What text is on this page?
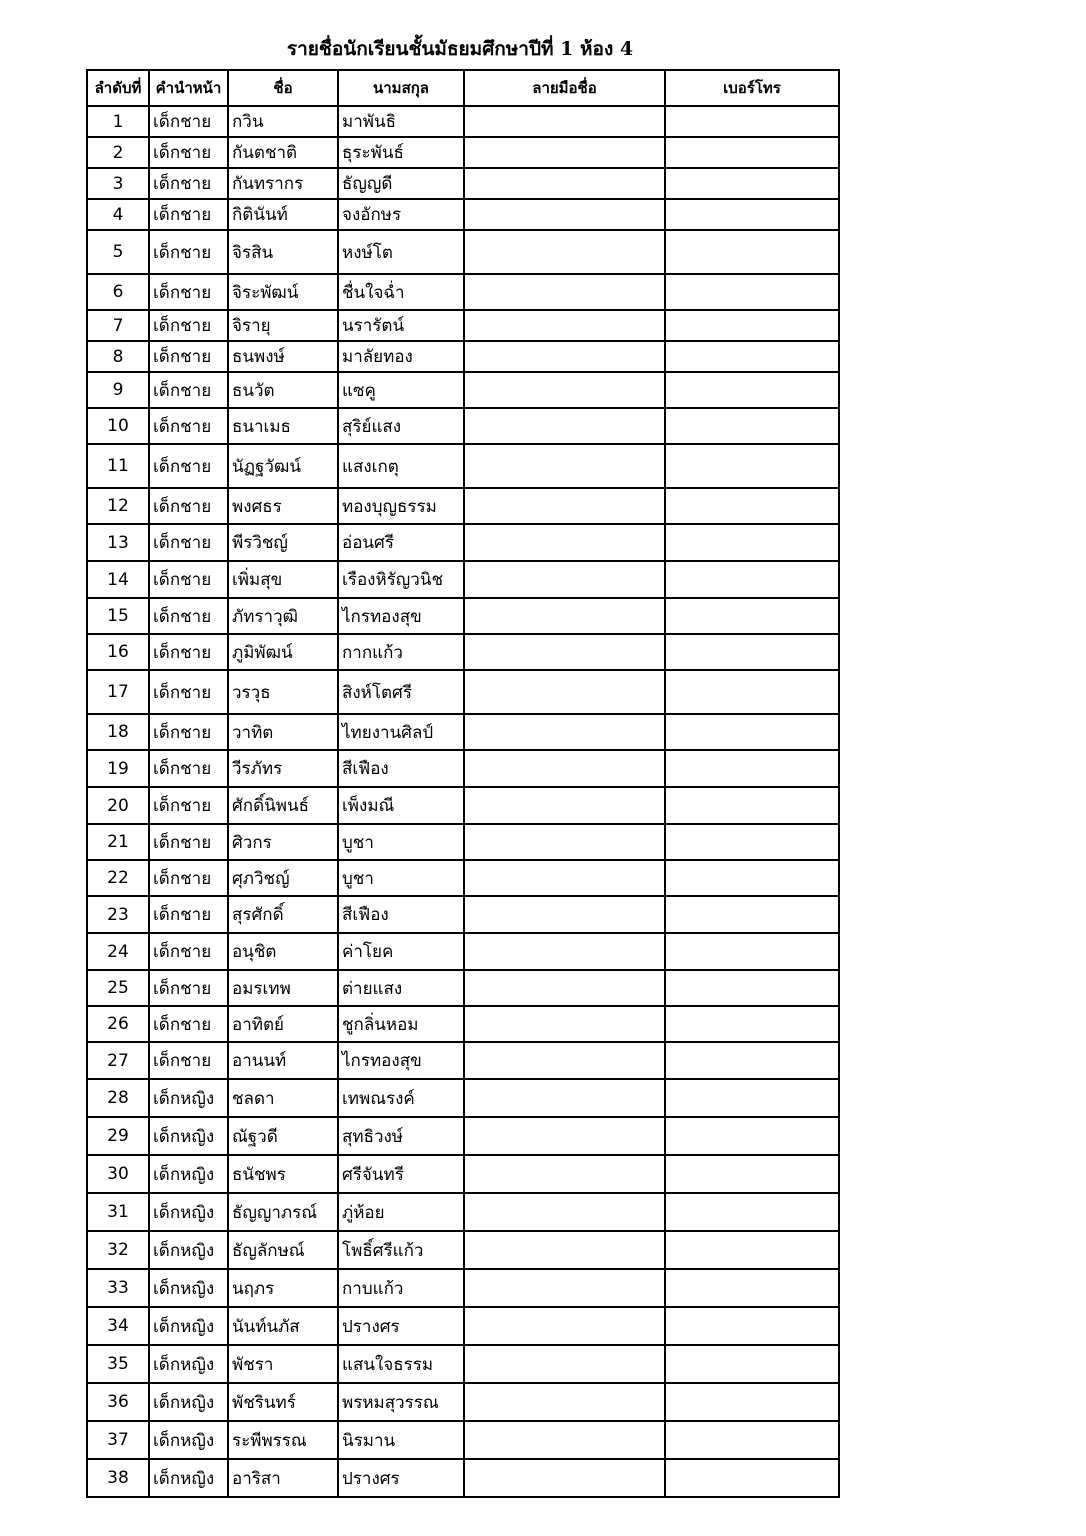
รายชื่อนักเรียนชั้นมัธยมศึกษาปีที่ 1 ห้อง 4
ลำดับที่	คำนำหน้า	ชื่อ	นามสกุล	ลายมือชื่อ	เบอร์โทร
1	เด็กชาย	กวิน	มาพันธิ		
2	เด็กชาย	กันตชาติ	ธุระพันธ์		
3	เด็กชาย	กันทรากร	ธัญญดี		
4	เด็กชาย	กิตินันท์	จงอักษร		
5	เด็กชาย	จิรสิน	หงษ์โต		
6	เด็กชาย	จิระพัฒน์	ชื่นใจฉ่ำ		
7	เด็กชาย	จิรายุ	นรารัตน์		
8	เด็กชาย	ธนพงษ์	มาลัยทอง		
9	เด็กชาย	ธนวัต	แซคู		
10	เด็กชาย	ธนาเมธ	สุริย์แสง		
11	เด็กชาย	นัฏฐวัฒน์	แสงเกตุ		
12	เด็กชาย	พงศธร	ทองบุญธรรม		
13	เด็กชาย	พีรวิชญ์	อ่อนศรี		
14	เด็กชาย	เพิ่มสุข	เรืองหิรัญวนิช		
15	เด็กชาย	ภัทราวุฒิ	ไกรทองสุข		
16	เด็กชาย	ภูมิพัฒน์	กากแก้ว		
17	เด็กชาย	วรวุธ	สิงห์โตศรี		
18	เด็กชาย	วาทิต	ไทยงานศิลป์		
19	เด็กชาย	วีรภัทร	สีเฟือง		
20	เด็กชาย	ศักดิ์นิพนธ์	เพ็งมณี		
21	เด็กชาย	ศิวกร	บูชา		
22	เด็กชาย	ศุภวิชญ์	บูชา		
23	เด็กชาย	สุรศักดิ์	สีเฟือง		
24	เด็กชาย	อนุชิต	ค่าโยค		
25	เด็กชาย	อมรเทพ	ต่ายแสง		
26	เด็กชาย	อาทิตย์	ชูกลิ่นหอม		
27	เด็กชาย	อานนท์	ไกรทองสุข		
28	เด็กหญิง	ชลดา	เทพณรงค์		
29	เด็กหญิง	ณัฐวดี	สุทธิวงษ์		
30	เด็กหญิง	ธนัชพร	ศรีจันทรี		
31	เด็กหญิง	ธัญญาภรณ์	ภู่ห้อย		
32	เด็กหญิง	ธัญลักษณ์	โพธิ์ศรีแก้ว		
33	เด็กหญิง	นฤภร	กาบแก้ว		
34	เด็กหญิง	นันท์นภัส	ปรางศร		
35	เด็กหญิง	พัชรา	แสนใจธรรม		
36	เด็กหญิง	พัชรินทร์	พรหมสุวรรณ		
37	เด็กหญิง	ระพีพรรณ	นิรมาน		
38	เด็กหญิง	อาริสา	ปรางศร		
